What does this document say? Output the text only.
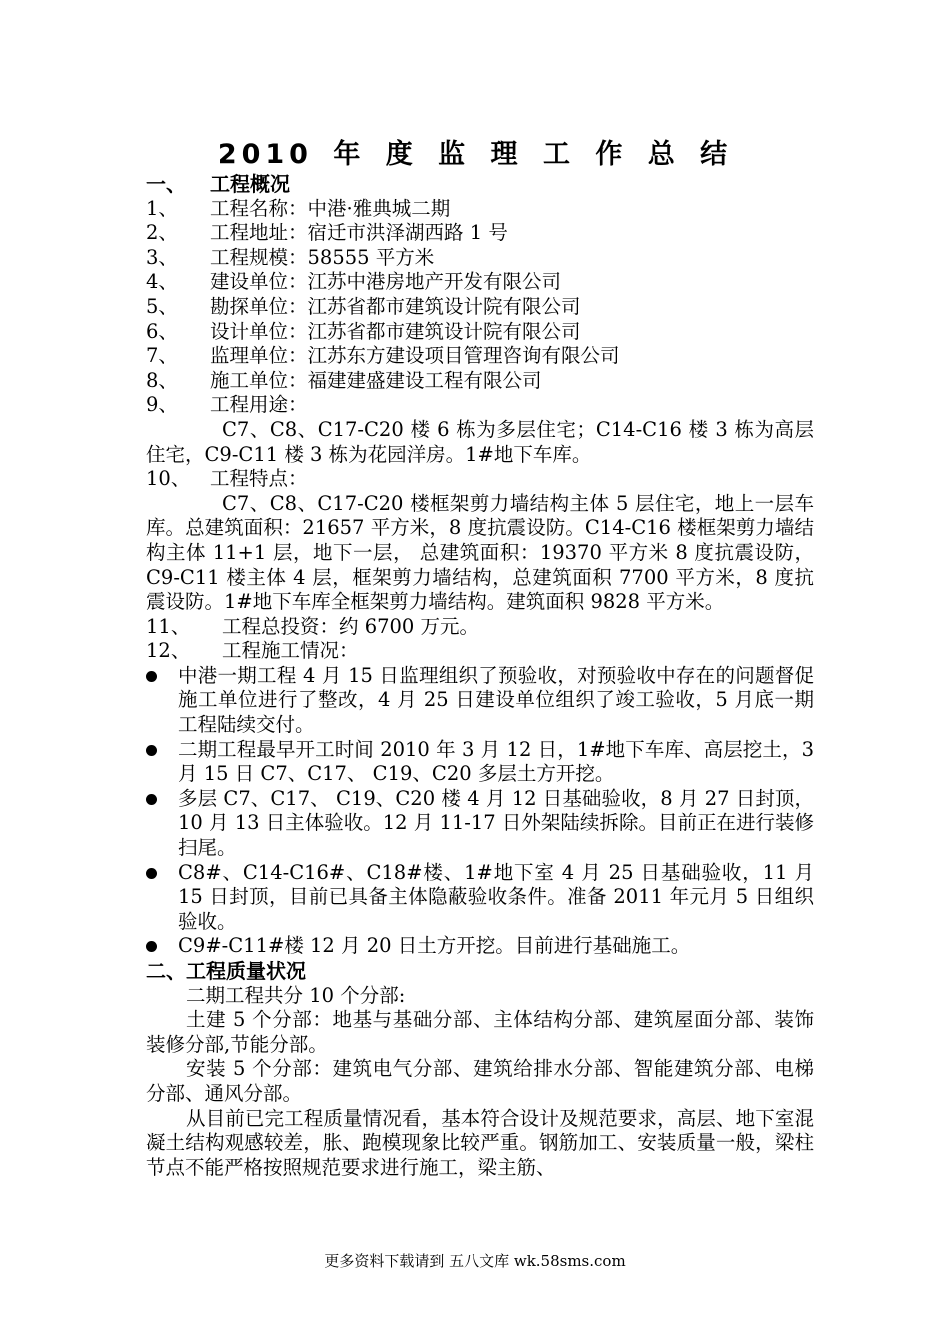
2010 年 度 监 理 工 作 总 结
一、	工程概况
1、	工程名称： 中港·雅典城二期
2、	工程地址： 宿迁市洪泽湖西路 1 号
3、	工程规模： 58555 平方米
4、	建设单位： 江苏中港房地产开发有限公司
5、	勘探单位： 江苏省都市建筑设计院有限公司
6、	设计单位： 江苏省都市建筑设计院有限公司
7、	监理单位： 江苏东方建设项目管理咨询有限公司
8、	施工单位： 福建建盛建设工程有限公司
9、	工程用途：
C7、C8、C17-C20 楼 6 栋为多层住宅；C14-C16 楼 3 栋为高层住宅，C9-C11 楼 3 栋为花园洋房。1#地下车库。
10、	工程特点：
C7、C8、C17-C20 楼框架剪力墙结构主体 5 层住宅，地上一层车库。总建筑面积：21657 平方米，8 度抗震设防。C14-C16 楼框架剪力墙结构主体 11+1 层，地下一层， 总建筑面积：19370 平方米 8 度抗震设防，C9-C11 楼主体 4 层，框架剪力墙结构，总建筑面积 7700 平方米，8 度抗震设防。1#地下车库全框架剪力墙结构。建筑面积 9828 平方米。
11、	工程总投资： 约 6700 万元。
12、	工程施工情况：
中港一期工程 4 月 15 日监理组织了预验收，对预验收中存在的问题督促施工单位进行了整改，4 月 25 日建设单位组织了竣工验收，5 月底一期工程陆续交付。
二期工程最早开工时间 2010 年 3 月 12 日，1#地下车库、高层挖土，3 月 15 日 C7、C17、 C19、C20 多层土方开挖。
多层 C7、C17、 C19、C20 楼 4 月 12 日基础验收，8 月 27 日封顶，10 月 13 日主体验收。12 月 11-17 日外架陆续拆除。目前正在进行装修扫尾。
C8#、C14-C16#、C18#楼、1#地下室 4 月 25 日基础验收，11 月 15 日封顶，目前已具备主体隐蔽验收条件。准备 2011 年元月 5 日组织验收。
C9#-C11#楼 12 月 20 日土方开挖。目前进行基础施工。
二、工程质量状况
二期工程共分 10 个分部:
土建 5 个分部：地基与基础分部、主体结构分部、建筑屋面分部、装饰装修分部,节能分部。
安装 5 个分部：建筑电气分部、建筑给排水分部、智能建筑分部、电梯分部、通风分部。
从目前已完工程质量情况看，基本符合设计及规范要求，高层、地下室混凝土结构观感较差，胀、跑模现象比较严重。钢筋加工、安装质量一般，梁柱节点不能严格按照规范要求进行施工，梁主筋、
更多资料下载请到 五八文库 wk.58sms.com
